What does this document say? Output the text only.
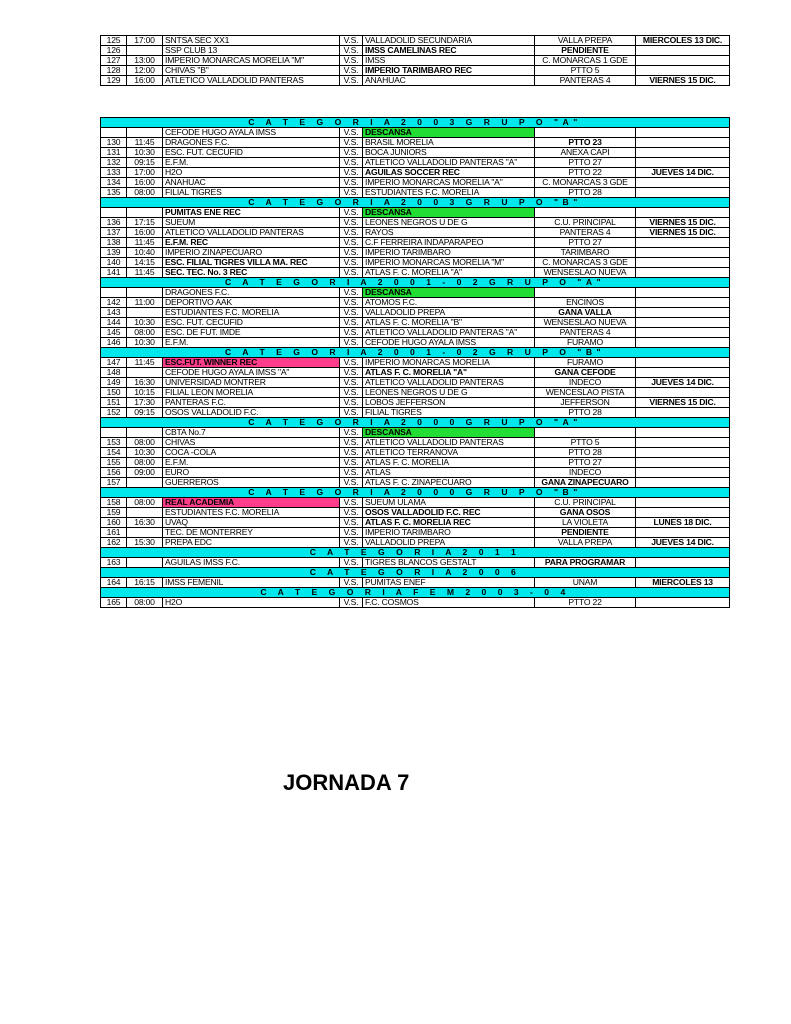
125	17:00	SNTSA SEC XX1	V.S.	VALLADOLID SECUNDARIA	VALLA PREPA	MIERCOLES 13 DIC.
126		SSP CLUB 13	V.S.	IMSS CAMELINAS REC	PENDIENTE	
127	13:00	IMPERIO MONARCAS MORELIA "M"	V.S.	IMSS	C. MONARCAS 1 GDE	
128	12:00	CHIVAS "B"	V.S.	IMPERIO TARIMBARO REC	PTTO 5	
129	16:00	ATLETICO VALLADOLID PANTERAS	V.S.	ANAHUAC	PANTERAS 4	VIERNES 15 DIC.
C A T E G O R I A 2 0 0 3 G R U P O "A"						
		CEFODE HUGO AYALA IMSS	V.S.	DESCANSA		
130	11:45	DRAGONES F.C.	V.S.	BRASIL MORELIA	PTTO 23	
131	10:30	ESC. FUT. CECUFID	V.S.	BOCA JUNIORS	ANEXA CAPI	
132	09:15	E.F.M.	V.S.	ATLETICO VALLADOLID PANTERAS "A"	PTTO 27	
133	17:00	H2O	V.S.	AGUILAS SOCCER REC	PTTO 22	JUEVES 14 DIC.
134	16:00	ANAHUAC	V.S.	IMPERIO MONARCAS MORELIA "A"	C. MONARCAS 3 GDE	
135	08:00	FILIAL TIGRES	V.S.	ESTUDIANTES F.C. MORELIA	PTTO 28	
C A T E G O R I A 2 0 0 3 G R U P O "B"						
		PUMITAS ENE REC	V.S.	DESCANSA		
136	17:15	SUEUM	V.S.	LEONES NEGROS U DE G	C.U. PRINCIPAL	VIERNES 15 DIC.
137	16:00	ATLETICO VALLADOLID PANTERAS	V.S.	RAYOS	PANTERAS 4	VIERNES 15 DIC.
138	11:45	E.F.M. REC	V.S.	C.F FERREIRA INDAPARAPEO	PTTO 27	
139	10:40	IMPERIO ZINAPECUARO	V.S.	IMPERIO TARIMBARO	TARIMBARO	
140	14:15	ESC. FILIAL TIGRES VILLA MA. REC	V.S.	IMPERIO MONARCAS MORELIA "M"	C. MONARCAS 3 GDE	
141	11:45	SEC. TEC. No. 3 REC	V.S.	ATLAS F. C. MORELIA "A"	WENSESLAO NUEVA	
C A T E G O R I A 2 0 0 1 - 0 2 G R U P O "A"						
		DRAGONES F.C.	V.S.	DESCANSA		
142	11:00	DEPORTIVO AAK	V.S.	ATOMOS F.C.	ENCINOS	
143		ESTUDIANTES F.C. MORELIA	V.S.	VALLADOLID PREPA	GANA VALLA	
144	10:30	ESC. FUT. CECUFID	V.S.	ATLAS F. C. MORELIA "B"	WENSESLAO NUEVA	
145	08:00	ESC. DE FUT. IMDE	V.S.	ATLETICO VALLADOLID PANTERAS "A"	PANTERAS 4	
146	10:30	E.F.M.	V.S.	CEFODE HUGO AYALA IMSS	FURAMO	
C A T E G O R I A 2 0 0 1 - 0 2 G R U P O "B"						
147	11:45	ESC.FUT. WINNER REC	V.S.	IMPERIO MONARCAS MORELIA	FURAMO	
148		CEFODE HUGO AYALA IMSS "A"	V.S.	ATLAS F. C. MORELIA "A"	GANA CEFODE	
149	16:30	UNIVERSIDAD MONTRER	V.S.	ATLETICO VALLADOLID PANTERAS	INDECO	JUEVES 14 DIC.
150	10:15	FILIAL LEON MORELIA	V.S.	LEONES NEGROS U DE G	WENCESLAO PISTA	
151	17:30	PANTERAS F.C.	V.S.	LOBOS JEFFERSON	JEFFERSON	VIERNES 15 DIC.
152	09:15	OSOS VALLADOLID F.C.	V.S.	FILIAL TIGRES	PTTO 28	
C A T E G O R I A 2 0 0 0 G R U P O "A"						
		CBTA No.7	V.S.	DESCANSA		
153	08:00	CHIVAS	V.S.	ATLETICO VALLADOLID PANTERAS	PTTO 5	
154	10:30	COCA -COLA	V.S.	ATLETICO TERRANOVA	PTTO 28	
155	08:00	E.F.M.	V.S.	ATLAS F. C. MORELIA	PTTO 27	
156	09:00	EURO	V.S.	ATLAS	INDECO	
157		GUERREROS	V.S.	ATLAS F. C. ZINAPECUARO	GANA ZINAPECUARO	
C A T E G O R I A 2 0 0 0 G R U P O "B"						
158	08:00	REAL ACADEMIA	V.S.	SUEUM ULAMA	C.U. PRINCIPAL	
159		ESTUDIANTES F.C. MORELIA	V.S.	OSOS VALLADOLID F.C. REC	GANA OSOS	
160	16:30	UVAQ	V.S.	ATLAS F. C. MORELIA REC	LA VIOLETA	LUNES 18 DIC.
161		TEC. DE MONTERREY	V.S.	IMPERIO TARIMBARO	PENDIENTE	
162	15:30	PREPA EDC	V.S.	VALLADOLID PREPA	VALLA PREPA	JUEVES 14 DIC.
C A T E G O R I A 2 0 1 1						
163		AGUILAS IMSS F.C.	V.S.	TIGRES BLANCOS GESTALT	PARA PROGRAMAR	
C A T E G O R I A 2 0 0 6						
164	16:15	IMSS FEMENIL	V.S.	PUMITAS ENEF	UNAM	MIERCOLES 13
C A T E G O R I A F E M 2 0 0 3 - 0 4						
165	08:00	H2O	V.S.	F.C. COSMOS	PTTO 22	
JORNADA 7
